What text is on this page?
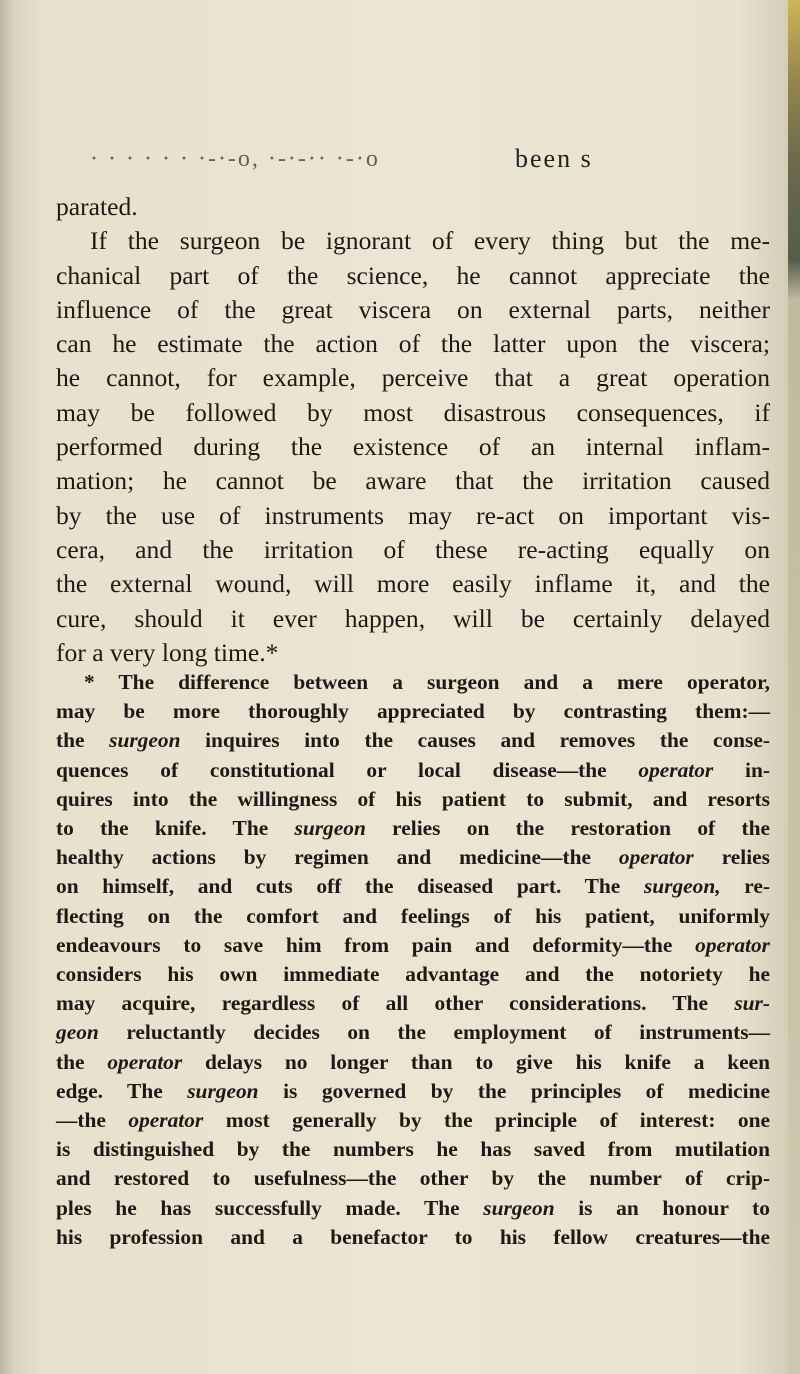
· · · · · · ·-·-o, ·-·-·· ·-·o	been s
parated.
If the surgeon be ignorant of every thing but the me-
chanical part of the science, he cannot appreciate the
influence of the great viscera on external parts, neither
can he estimate the action of the latter upon the viscera;
he cannot, for example, perceive that a great operation
may be followed by most disastrous consequences, if
performed during the existence of an internal inflam-
mation; he cannot be aware that the irritation caused
by the use of instruments may re-act on important vis-
cera, and the irritation of these re-acting equally on
the external wound, will more easily inflame it, and the
cure, should it ever happen, will be certainly delayed
for a very long time.*
* The difference between a surgeon and a mere operator,
may be more thoroughly appreciated by contrasting them:—
the surgeon inquires into the causes and removes the conse-
quences of constitutional or local disease—the operator in-
quires into the willingness of his patient to submit, and resorts
to the knife. The surgeon relies on the restoration of the
healthy actions by regimen and medicine—the operator relies
on himself, and cuts off the diseased part. The surgeon, re-
flecting on the comfort and feelings of his patient, uniformly
endeavours to save him from pain and deformity—the operator
considers his own immediate advantage and the notoriety he
may acquire, regardless of all other considerations. The sur-
geon reluctantly decides on the employment of instruments—
the operator delays no longer than to give his knife a keen
edge. The surgeon is governed by the principles of medicine
—the operator most generally by the principle of interest: one
is distinguished by the numbers he has saved from mutilation
and restored to usefulness—the other by the number of crip-
ples he has successfully made. The surgeon is an honour to
his profession and a benefactor to his fellow creatures—the
